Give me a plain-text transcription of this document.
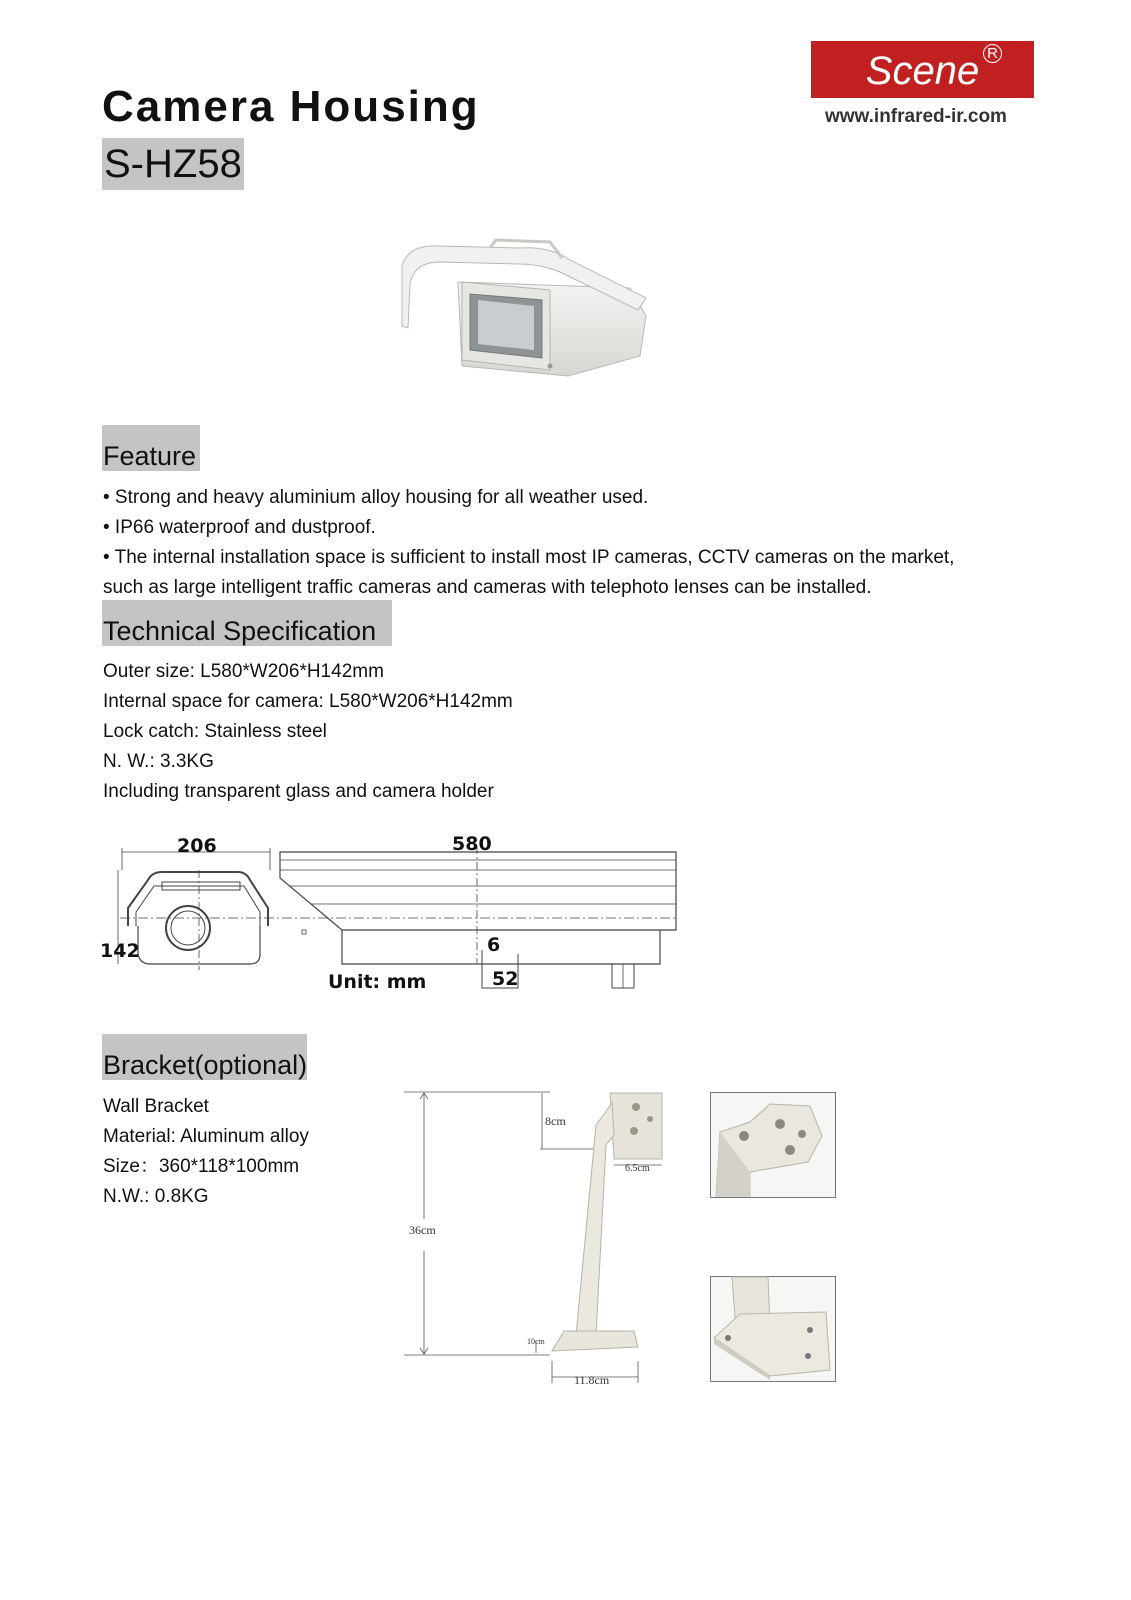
Camera Housing
S-HZ58
Scene R
www.infrared-ir.com
Feature
• Strong and heavy aluminium alloy housing for all weather used.
• IP66 waterproof and dustproof.
• The internal installation space is sufficient to install most IP cameras, CCTV cameras on the market,
such as large intelligent traffic cameras and cameras with telephoto lenses can be installed.
Technical Specification
Outer size: L580*W206*H142mm
Internal space for camera: L580*W206*H142mm
Lock catch: Stainless steel
N. W.: 3.3KG
Including transparent glass and camera holder
206	580
142	6
52
Unit: mm
Bracket(optional)
Wall Bracket
Material: Aluminum alloy
Size：360*118*100mm
N.W.: 0.8KG
8cm
6.5cm
36cm
10cm
11.8cm
